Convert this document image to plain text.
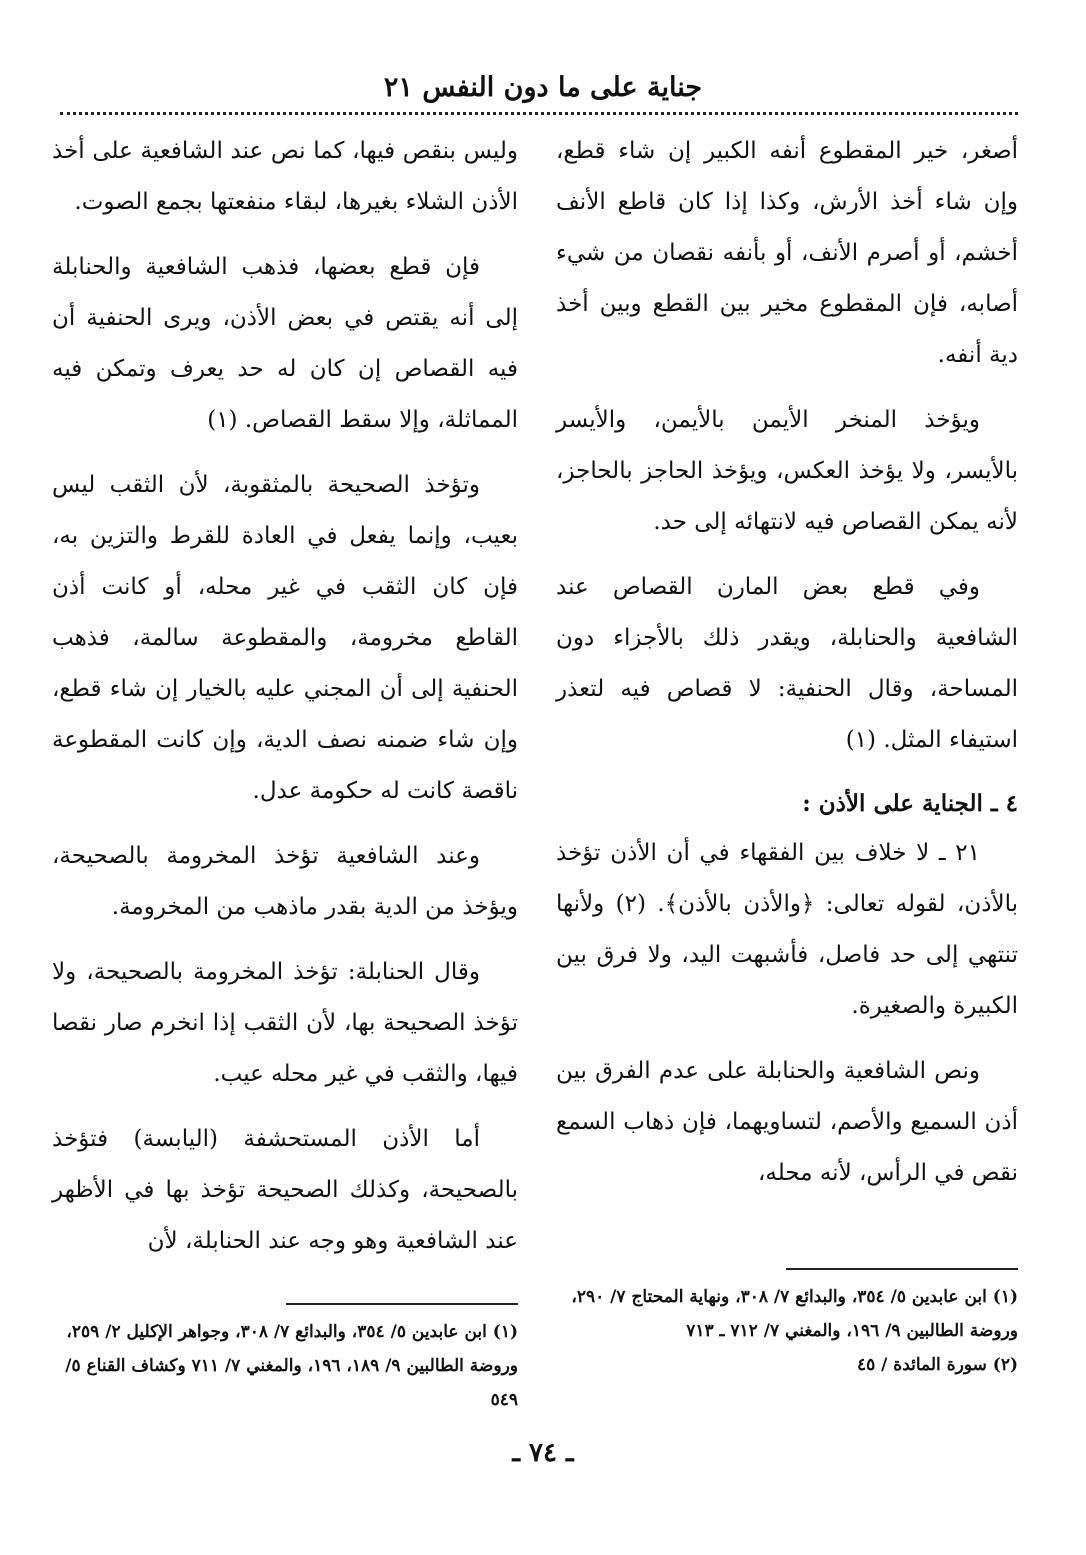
جناية على ما دون النفس ٢١

أصغر، خير المقطوع أنفه الكبير إن شاء قطع، وإن شاء أخذ الأرش، وكذا إذا كان قاطع الأنف أخشم، أو أصرم الأنف، أو بأنفه نقصان من شيء أصابه، فإن المقطوع مخير بين القطع وبين أخذ دية أنفه.

ويؤخذ المنخر الأيمن بالأيمن، والأيسر بالأيسر، ولا يؤخذ العكس، ويؤخذ الحاجز بالحاجز، لأنه يمكن القصاص فيه لانتهائه إلى حد.

وفي قطع بعض المارن القصاص عند الشافعية والحنابلة، ويقدر ذلك بالأجزاء دون المساحة، وقال الحنفية: لا قصاص فيه لتعذر استيفاء المثل. (١)

٤ ـ الجناية على الأذن :

٢١ ـ لا خلاف بين الفقهاء في أن الأذن تؤخذ بالأذن، لقوله تعالى: ﴿والأذن بالأذن﴾. (٢) ولأنها تنتهي إلى حد فاصل، فأشبهت اليد، ولا فرق بين الكبيرة والصغيرة.

ونص الشافعية والحنابلة على عدم الفرق بين أذن السميع والأصم، لتساويهما، فإن ذهاب السمع نقص في الرأس، لأنه محله،

(١) ابن عابدين ٥/ ٣٥٤، والبدائع ٧/ ٣٠٨، ونهاية المحتاج ٧/ ٢٩٠، وروضة الطالبين ٩/ ١٩٦، والمغني ٧/ ٧١٢ ـ ٧١٣

(٢) سورة المائدة / ٤٥

وليس بنقص فيها، كما نص عند الشافعية على أخذ الأذن الشلاء بغيرها، لبقاء منفعتها بجمع الصوت.

فإن قطع بعضها، فذهب الشافعية والحنابلة إلى أنه يقتص في بعض الأذن، ويرى الحنفية أن فيه القصاص إن كان له حد يعرف وتمكن فيه المماثلة، وإلا سقط القصاص. (١)

وتؤخذ الصحيحة بالمثقوبة، لأن الثقب ليس بعيب، وإنما يفعل في العادة للقرط والتزين به، فإن كان الثقب في غير محله، أو كانت أذن القاطع مخرومة، والمقطوعة سالمة، فذهب الحنفية إلى أن المجني عليه بالخيار إن شاء قطع، وإن شاء ضمنه نصف الدية، وإن كانت المقطوعة ناقصة كانت له حكومة عدل.

وعند الشافعية تؤخذ المخرومة بالصحيحة، ويؤخذ من الدية بقدر ماذهب من المخرومة.

وقال الحنابلة: تؤخذ المخرومة بالصحيحة، ولا تؤخذ الصحيحة بها، لأن الثقب إذا انخرم صار نقصا فيها، والثقب في غير محله عيب.

أما الأذن المستحشفة (اليابسة) فتؤخذ بالصحيحة، وكذلك الصحيحة تؤخذ بها في الأظهر عند الشافعية وهو وجه عند الحنابلة، لأن

(١) ابن عابدين ٥/ ٣٥٤، والبدائع ٧/ ٣٠٨، وجواهر الإكليل ٢/ ٢٥٩، وروضة الطالبين ٩/ ١٨٩، ١٩٦، والمغني ٧/ ٧١١ وكشاف القناع ٥/ ٥٤٩

ـ ٧٤ ـ
